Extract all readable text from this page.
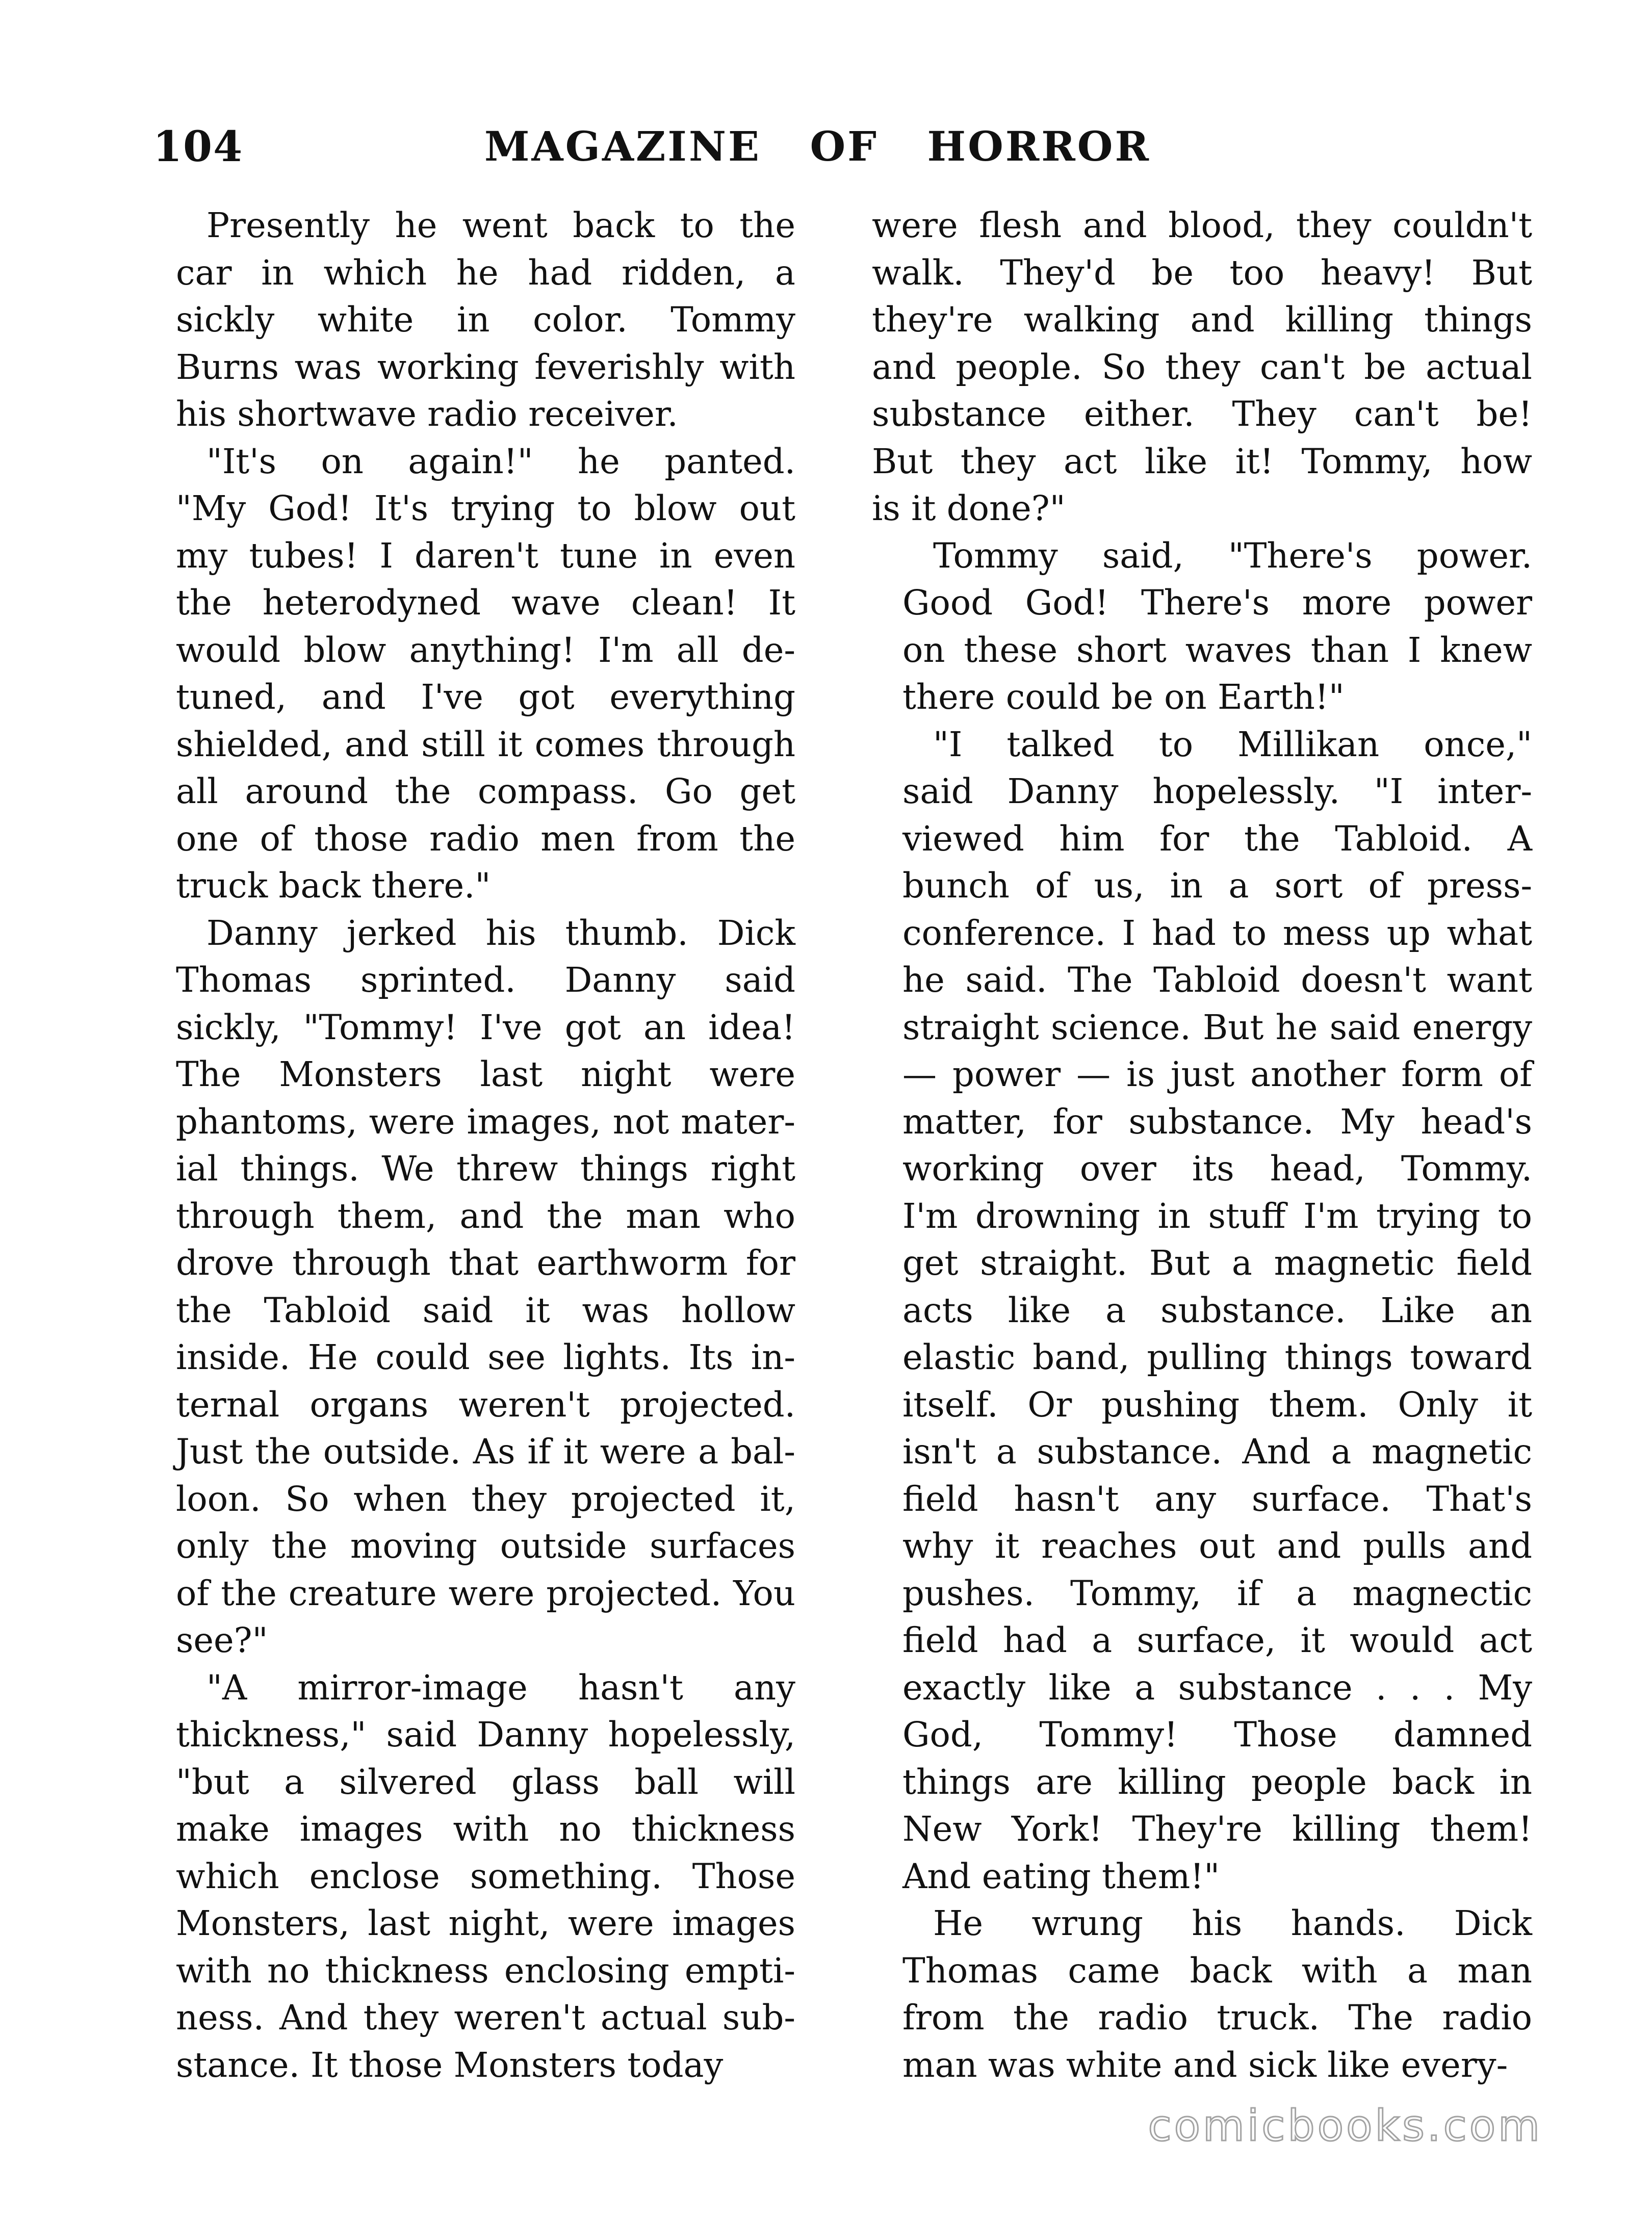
104	MAGAZINE   OF   HORROR
Presently he went back to the
car in which he had ridden, a
sickly white in color. Tommy
Burns was working feverishly with
his shortwave radio receiver.
"It's on again!" he panted.
"My God! It's trying to blow out
my tubes! I daren't tune in even
the heterodyned wave clean! It
would blow anything! I'm all de-
tuned, and I've got everything
shielded, and still it comes through
all around the compass. Go get
one of those radio men from the
truck back there."
Danny jerked his thumb. Dick
Thomas sprinted. Danny said
sickly, "Tommy! I've got an idea!
The Monsters last night were
phantoms, were images, not mater-
ial things. We threw things right
through them, and the man who
drove through that earthworm for
the Tabloid said it was hollow
inside. He could see lights. Its in-
ternal organs weren't projected.
Just the outside. As if it were a bal-
loon. So when they projected it,
only the moving outside surfaces
of the creature were projected. You
see?"
"A mirror-image hasn't any
thickness," said Danny hopelessly,
"but a silvered glass ball will
make images with no thickness
which enclose something. Those
Monsters, last night, were images
with no thickness enclosing empti-
ness. And they weren't actual sub-
stance. It those Monsters today
were flesh and blood, they couldn't
walk. They'd be too heavy! But
they're walking and killing things
and people. So they can't be actual
substance either. They can't be!
But they act like it! Tommy, how
is it done?"
Tommy said, "There's power.
Good God! There's more power
on these short waves than I knew
there could be on Earth!"
"I talked to Millikan once,"
said Danny hopelessly. "I inter-
viewed him for the Tabloid. A
bunch of us, in a sort of press-
conference. I had to mess up what
he said. The Tabloid doesn't want
straight science. But he said energy
— power — is just another form of
matter, for substance. My head's
working over its head, Tommy.
I'm drowning in stuff I'm trying to
get straight. But a magnetic field
acts like a substance. Like an
elastic band, pulling things toward
itself. Or pushing them. Only it
isn't a substance. And a magnetic
field hasn't any surface. That's
why it reaches out and pulls and
pushes. Tommy, if a magnectic
field had a surface, it would act
exactly like a substance . . . My
God, Tommy! Those damned
things are killing people back in
New York! They're killing them!
And eating them!"
He wrung his hands. Dick
Thomas came back with a man
from the radio truck. The radio
man was white and sick like every-
comicbooks.com
